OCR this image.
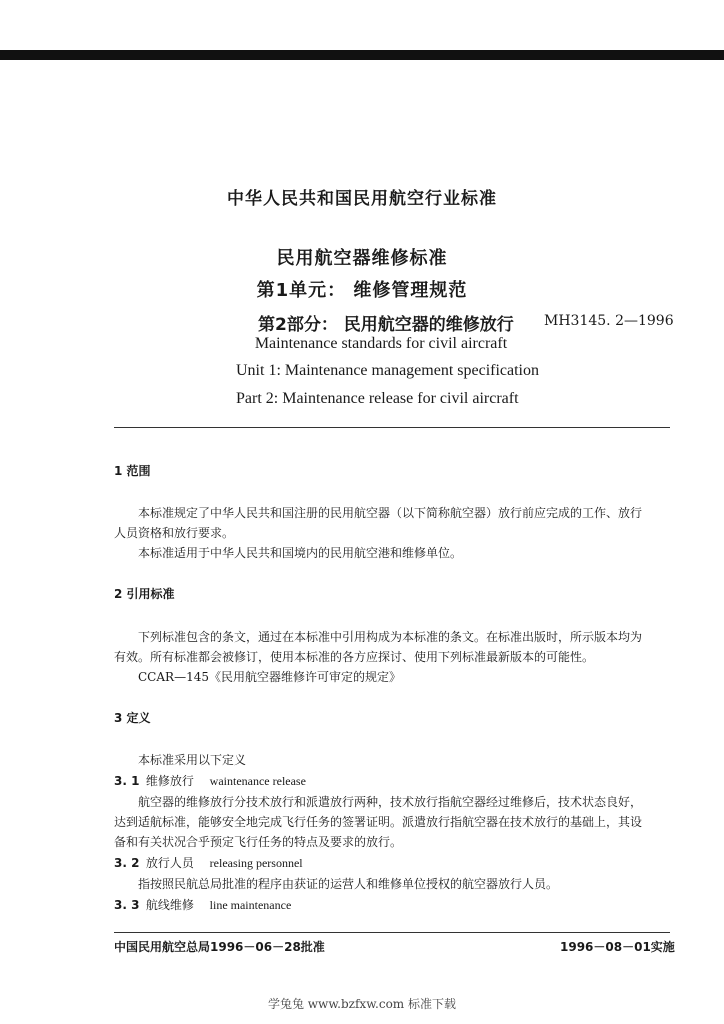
中华人民共和国民用航空行业标准
民用航空器维修标准
第1单元： 维修管理规范
第2部分： 民用航空器的维修放行 MH3145. 2—1996
Maintenance standards for civil aircraft
Unit 1: Maintenance management specification
Part 2: Maintenance release for civil aircraft
1 范围
本标准规定了中华人民共和国注册的民用航空器（以下简称航空器）放行前应完成的工作、放行
人员资格和放行要求。
本标准适用于中华人民共和国境内的民用航空港和维修单位。
2 引用标准
下列标准包含的条文，通过在本标准中引用构成为本标准的条文。在标准出版时，所示版本均为
有效。所有标准都会被修订，使用本标准的各方应探讨、使用下列标准最新版本的可能性。
CCAR—145《民用航空器维修许可审定的规定》
3 定义
本标准采用以下定义
3. 1 维修放行 waintenance release
航空器的维修放行分技术放行和派遣放行两种，技术放行指航空器经过维修后，技术状态良好，
达到适航标准，能够安全地完成飞行任务的签署证明。派遣放行指航空器在技术放行的基础上，其设
备和有关状况合乎预定飞行任务的特点及要求的放行。
3. 2 放行人员 releasing personnel
指按照民航总局批准的程序由获证的运营人和维修单位授权的航空器放行人员。
3. 3 航线维修 line maintenance
中国民用航空总局1996－06－28批准	1996－08－01实施
学兔兔 www.bzfxw.com 标准下载
